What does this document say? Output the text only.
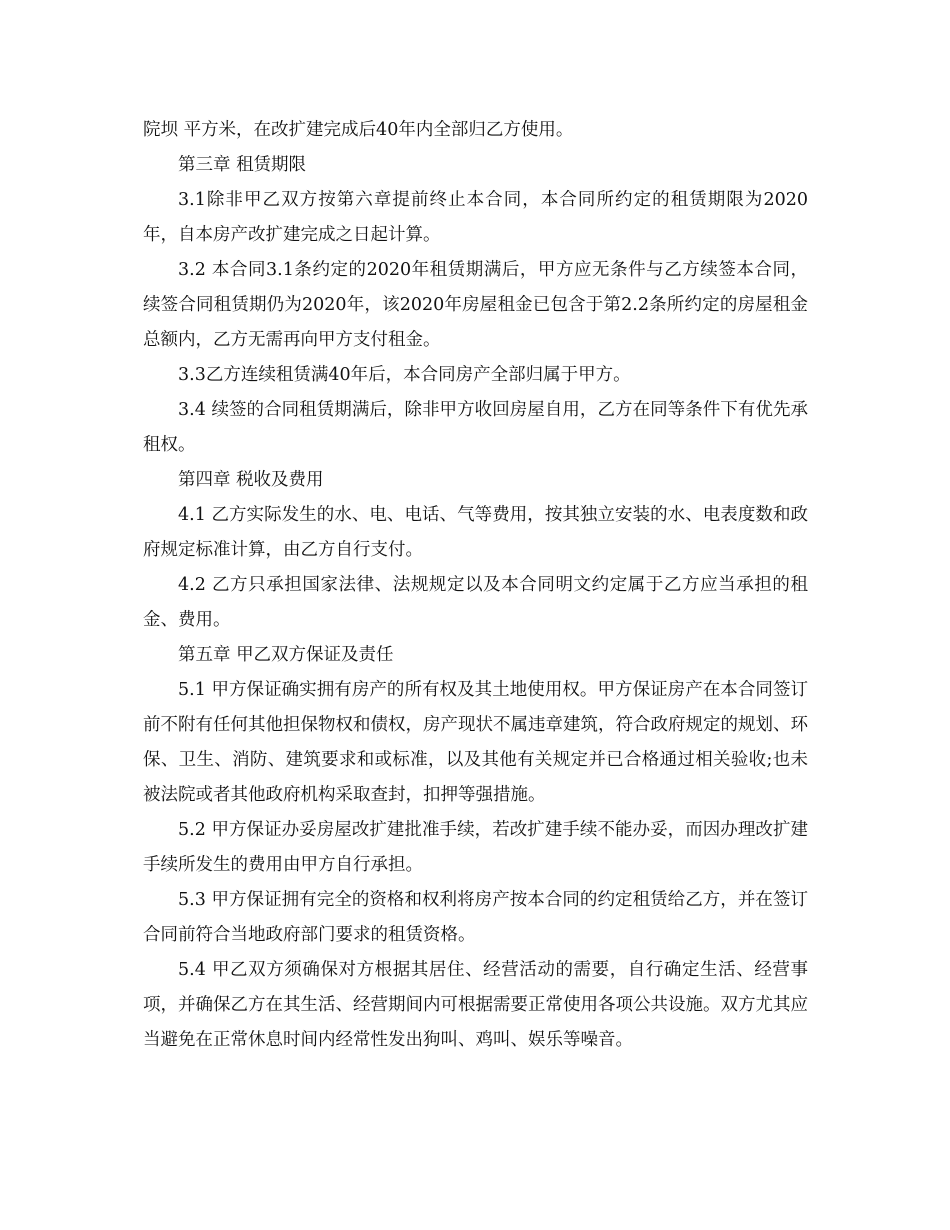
院坝 平方米，在改扩建完成后40年内全部归乙方使用。

第三章 租赁期限

3.1除非甲乙双方按第六章提前终止本合同，本合同所约定的租赁期限为2020年，自本房产改扩建完成之日起计算。

3.2 本合同3.1条约定的2020年租赁期满后，甲方应无条件与乙方续签本合同，续签合同租赁期仍为2020年，该2020年房屋租金已包含于第2.2条所约定的房屋租金总额内，乙方无需再向甲方支付租金。

3.3乙方连续租赁满40年后，本合同房产全部归属于甲方。

3.4 续签的合同租赁期满后，除非甲方收回房屋自用，乙方在同等条件下有优先承租权。

第四章 税收及费用

4.1 乙方实际发生的水、电、电话、气等费用，按其独立安装的水、电表度数和政府规定标准计算，由乙方自行支付。

4.2 乙方只承担国家法律、法规规定以及本合同明文约定属于乙方应当承担的租金、费用。

第五章 甲乙双方保证及责任

5.1 甲方保证确实拥有房产的所有权及其土地使用权。甲方保证房产在本合同签订前不附有任何其他担保物权和债权，房产现状不属违章建筑，符合政府规定的规划、环保、卫生、消防、建筑要求和或标准，以及其他有关规定并已合格通过相关验收;也未被法院或者其他政府机构采取查封，扣押等强措施。

5.2 甲方保证办妥房屋改扩建批准手续，若改扩建手续不能办妥，而因办理改扩建手续所发生的费用由甲方自行承担。

5.3 甲方保证拥有完全的资格和权利将房产按本合同的约定租赁给乙方，并在签订合同前符合当地政府部门要求的租赁资格。

5.4 甲乙双方须确保对方根据其居住、经营活动的需要，自行确定生活、经营事项，并确保乙方在其生活、经营期间内可根据需要正常使用各项公共设施。双方尤其应当避免在正常休息时间内经常性发出狗叫、鸡叫、娱乐等噪音。
